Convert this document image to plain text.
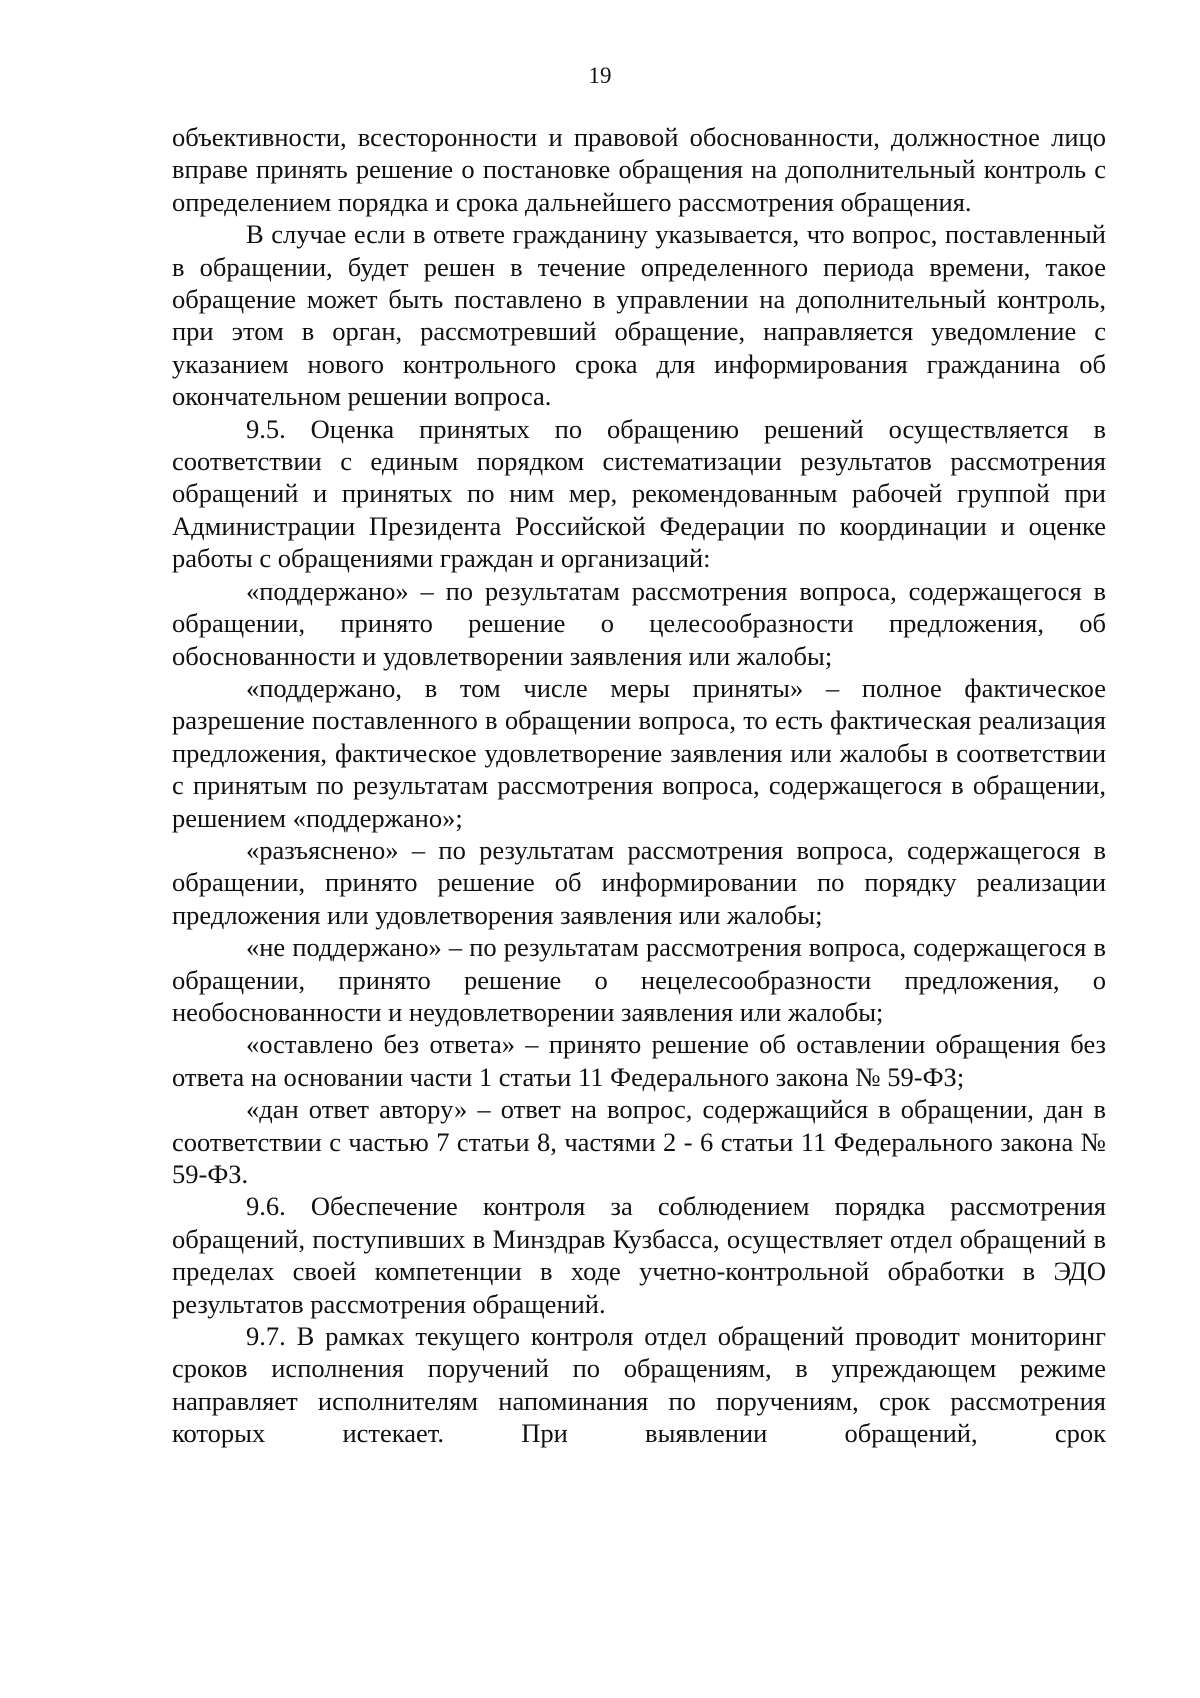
19

объективности, всесторонности и правовой обоснованности, должностное лицо вправе принять решение о постановке обращения на дополнительный контроль с определением порядка и срока дальнейшего рассмотрения обращения.

В случае если в ответе гражданину указывается, что вопрос, поставленный в обращении, будет решен в течение определенного периода времени, такое обращение может быть поставлено в управлении на дополнительный контроль, при этом в орган, рассмотревший обращение, направляется уведомление с указанием нового контрольного срока для информирования гражданина об окончательном решении вопроса.

9.5. Оценка принятых по обращению решений осуществляется в соответствии с единым порядком систематизации результатов рассмотрения обращений и принятых по ним мер, рекомендованным рабочей группой при Администрации Президента Российской Федерации по координации и оценке работы с обращениями граждан и организаций:

«поддержано» – по результатам рассмотрения вопроса, содержащегося в обращении, принято решение о целесообразности предложения, об обоснованности и удовлетворении заявления или жалобы;

«поддержано, в том числе меры приняты» – полное фактическое разрешение поставленного в обращении вопроса, то есть фактическая реализация предложения, фактическое удовлетворение заявления или жалобы в соответствии с принятым по результатам рассмотрения вопроса, содержащегося в обращении, решением «поддержано»;

«разъяснено» – по результатам рассмотрения вопроса, содержащегося в обращении, принято решение об информировании по порядку реализации предложения или удовлетворения заявления или жалобы;

«не поддержано» – по результатам рассмотрения вопроса, содержащегося в обращении, принято решение о нецелесообразности предложения, о необоснованности и неудовлетворении заявления или жалобы;

«оставлено без ответа» – принято решение об оставлении обращения без ответа на основании части 1 статьи 11 Федерального закона № 59-ФЗ;

«дан ответ автору» – ответ на вопрос, содержащийся в обращении, дан в соответствии с частью 7 статьи 8, частями 2 - 6 статьи 11 Федерального закона № 59-ФЗ.

9.6. Обеспечение контроля за соблюдением порядка рассмотрения обращений, поступивших в Минздрав Кузбасса, осуществляет отдел обращений в пределах своей компетенции в ходе учетно-контрольной обработки в ЭДО результатов рассмотрения обращений.

9.7. В рамках текущего контроля отдел обращений проводит мониторинг сроков исполнения поручений по обращениям, в упреждающем режиме направляет исполнителям напоминания по поручениям, срок рассмотрения которых истекает. При выявлении обращений, срок
